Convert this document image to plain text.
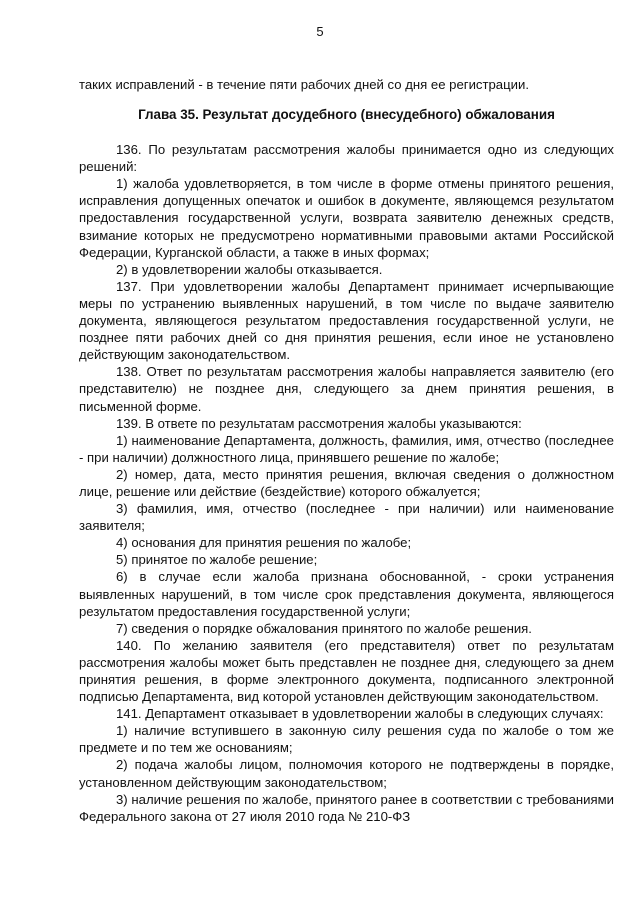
5

таких исправлений - в течение пяти рабочих дней со дня ее регистрации.

Глава 35. Результат досудебного (внесудебного) обжалования

136. По результатам рассмотрения жалобы принимается одно из следующих решений:

1) жалоба удовлетворяется, в том числе в форме отмены принятого решения, исправления допущенных опечаток и ошибок в документе, являющемся результатом предоставления государственной услуги, возврата заявителю денежных средств, взимание которых не предусмотрено нормативными правовыми актами Российской Федерации, Курганской области, а также в иных формах;

2) в удовлетворении жалобы отказывается.

137. При удовлетворении жалобы Департамент принимает исчерпывающие меры по устранению выявленных нарушений, в том числе по выдаче заявителю документа, являющегося результатом предоставления государственной услуги, не позднее пяти рабочих дней со дня принятия решения, если иное не установлено действующим законодательством.

138. Ответ по результатам рассмотрения жалобы направляется заявителю (его представителю) не позднее дня, следующего за днем принятия решения, в письменной форме.

139. В ответе по результатам рассмотрения жалобы указываются:

1) наименование Департамента, должность, фамилия, имя, отчество (последнее - при наличии) должностного лица, принявшего решение по жалобе;

2) номер, дата, место принятия решения, включая сведения о должностном лице, решение или действие (бездействие) которого обжалуется;

3) фамилия, имя, отчество (последнее - при наличии) или наименование заявителя;

4) основания для принятия решения по жалобе;

5) принятое по жалобе решение;

6) в случае если жалоба признана обоснованной, - сроки устранения выявленных нарушений, в том числе срок представления документа, являющегося результатом предоставления государственной услуги;

7) сведения о порядке обжалования принятого по жалобе решения.

140. По желанию заявителя (его представителя) ответ по результатам рассмотрения жалобы может быть представлен не позднее дня, следующего за днем принятия решения, в форме электронного документа, подписанного электронной подписью Департамента, вид которой установлен действующим законодательством.

141. Департамент отказывает в удовлетворении жалобы в следующих случаях:

1) наличие вступившего в законную силу решения суда по жалобе о том же предмете и по тем же основаниям;

2) подача жалобы лицом, полномочия которого не подтверждены в порядке, установленном действующим законодательством;

3) наличие решения по жалобе, принятого ранее в соответствии с требованиями Федерального закона от 27 июля 2010 года № 210-ФЗ
